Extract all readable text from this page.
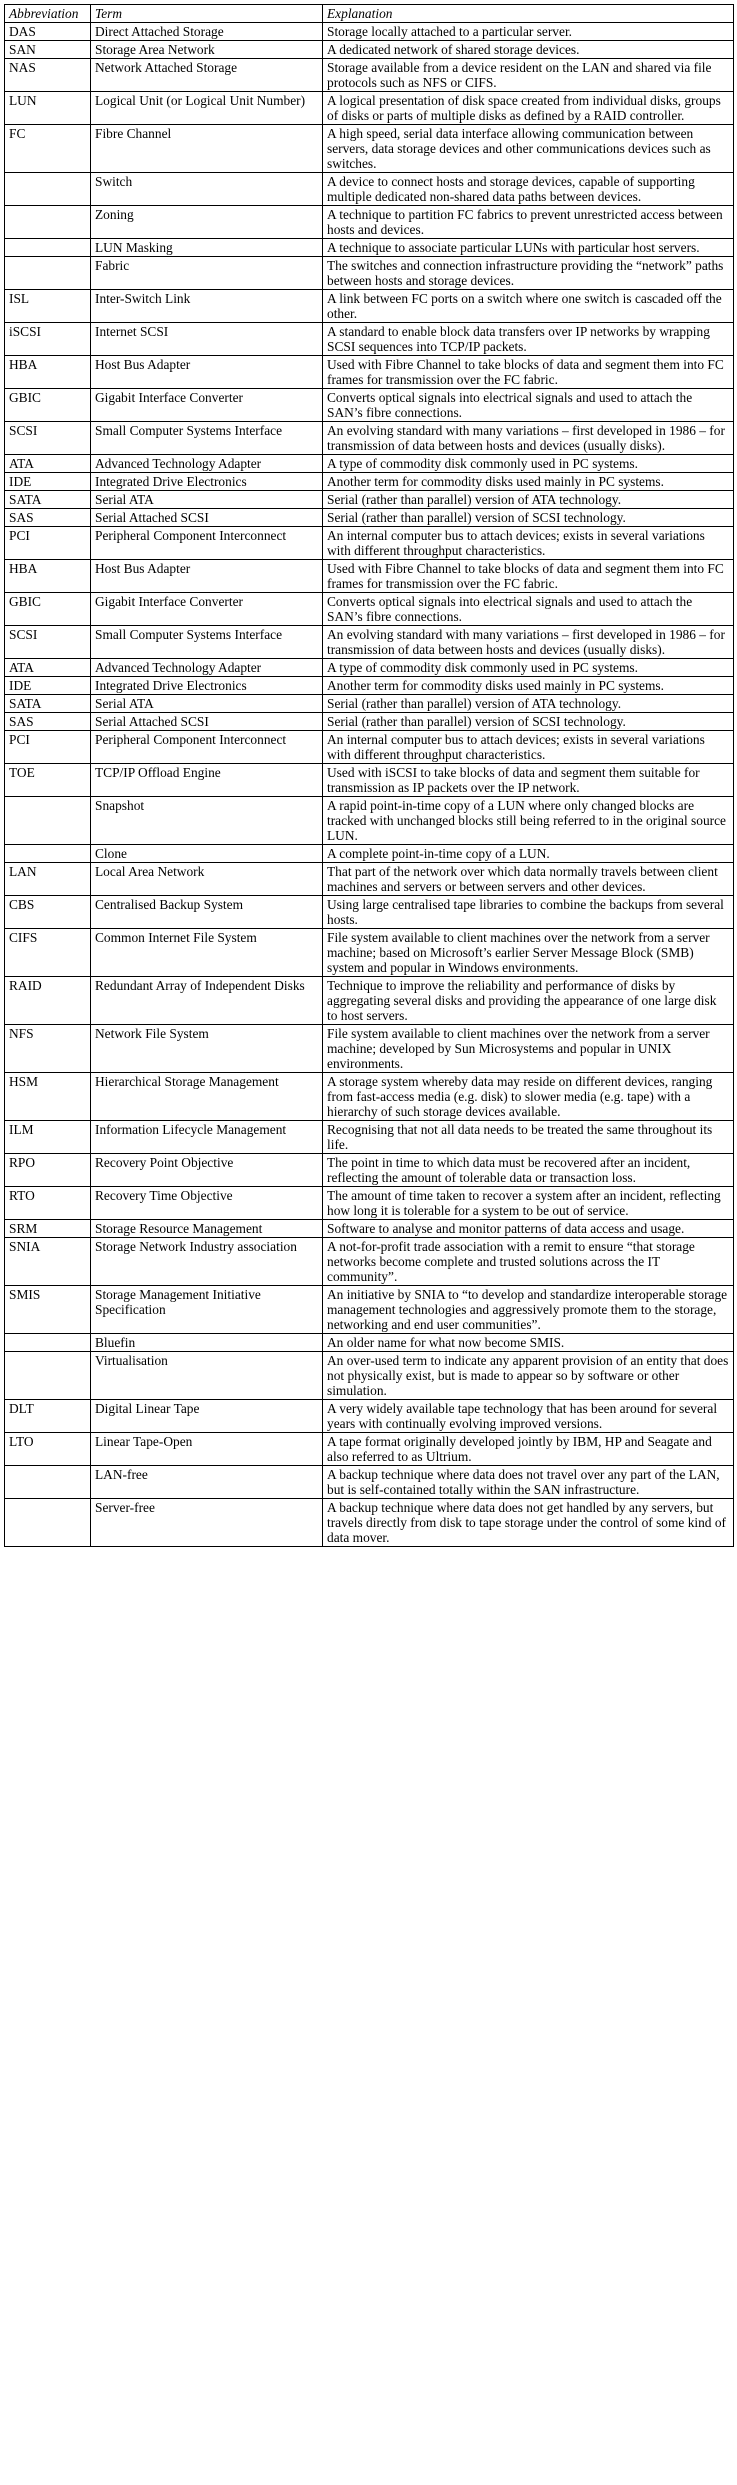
Abbreviation	Term	Explanation
DAS	Direct Attached Storage	Storage locally attached to a particular server.
SAN	Storage Area Network	A dedicated network of shared storage devices.
NAS	Network Attached Storage	Storage available from a device resident on the LAN and shared via file protocols such as NFS or CIFS.
LUN	Logical Unit (or Logical Unit Number)	A logical presentation of disk space created from individual disks, groups of disks or parts of multiple disks as defined by a RAID controller.
FC	Fibre Channel	A high speed, serial data interface allowing communication between servers, data storage devices and other communications devices such as switches.
	Switch	A device to connect hosts and storage devices, capable of supporting multiple dedicated non-shared data paths between devices.
	Zoning	A technique to partition FC fabrics to prevent unrestricted access between hosts and devices.
	LUN Masking	A technique to associate particular LUNs with particular host servers.
	Fabric	The switches and connection infrastructure providing the “network” paths between hosts and storage devices.
ISL	Inter-Switch Link	A link between FC ports on a switch where one switch is cascaded off the other.
iSCSI	Internet SCSI	A standard to enable block data transfers over IP networks by wrapping SCSI sequences into TCP/IP packets.
HBA	Host Bus Adapter	Used with Fibre Channel to take blocks of data and segment them into FC frames for transmission over the FC fabric.
GBIC	Gigabit Interface Converter	Converts optical signals into electrical signals and used to attach the SAN’s fibre connections.
SCSI	Small Computer Systems Interface	An evolving standard with many variations – first developed in 1986 – for transmission of data between hosts and devices (usually disks).
ATA	Advanced Technology Adapter	A type of commodity disk commonly used in PC systems.
IDE	Integrated Drive Electronics	Another term for commodity disks used mainly in PC systems.
SATA	Serial ATA	Serial (rather than parallel) version of ATA technology.
SAS	Serial Attached SCSI	Serial (rather than parallel) version of SCSI technology.
PCI	Peripheral Component Interconnect	An internal computer bus to attach devices; exists in several variations with different throughput characteristics.
HBA	Host Bus Adapter	Used with Fibre Channel to take blocks of data and segment them into FC frames for transmission over the FC fabric.
GBIC	Gigabit Interface Converter	Converts optical signals into electrical signals and used to attach the SAN’s fibre connections.
SCSI	Small Computer Systems Interface	An evolving standard with many variations – first developed in 1986 – for transmission of data between hosts and devices (usually disks).
ATA	Advanced Technology Adapter	A type of commodity disk commonly used in PC systems.
IDE	Integrated Drive Electronics	Another term for commodity disks used mainly in PC systems.
SATA	Serial ATA	Serial (rather than parallel) version of ATA technology.
SAS	Serial Attached SCSI	Serial (rather than parallel) version of SCSI technology.
PCI	Peripheral Component Interconnect	An internal computer bus to attach devices; exists in several variations with different throughput characteristics.
TOE	TCP/IP Offload Engine	Used with iSCSI to take blocks of data and segment them suitable for transmission as IP packets over the IP network.
	Snapshot	A rapid point-in-time copy of a LUN where only changed blocks are tracked with unchanged blocks still being referred to in the original source LUN.
	Clone	A complete point-in-time copy of a LUN.
LAN	Local Area Network	That part of the network over which data normally travels between client machines and servers or between servers and other devices.
CBS	Centralised Backup System	Using large centralised tape libraries to combine the backups from several hosts.
CIFS	Common Internet File System	File system available to client machines over the network from a server machine; based on Microsoft’s earlier Server Message Block (SMB) system and popular in Windows environments.
RAID	Redundant Array of Independent Disks	Technique to improve the reliability and performance of disks by aggregating several disks and providing the appearance of one large disk to host servers.
NFS	Network File System	File system available to client machines over the network from a server machine; developed by Sun Microsystems and popular in UNIX environments.
HSM	Hierarchical Storage Management	A storage system whereby data may reside on different devices, ranging from fast-access media (e.g. disk) to slower media (e.g. tape) with a hierarchy of such storage devices available.
ILM	Information Lifecycle Management	Recognising that not all data needs to be treated the same throughout its life.
RPO	Recovery Point Objective	The point in time to which data must be recovered after an incident, reflecting the amount of tolerable data or transaction loss.
RTO	Recovery Time Objective	The amount of time taken to recover a system after an incident, reflecting how long it is tolerable for a system to be out of service.
SRM	Storage Resource Management	Software to analyse and monitor patterns of data access and usage.
SNIA	Storage Network Industry association	A not-for-profit trade association with a remit to ensure “that storage networks become complete and trusted solutions across the IT community”.
SMIS	Storage Management Initiative Specification	An initiative by SNIA to “to develop and standardize interoperable storage management technologies and aggressively promote them to the storage, networking and end user communities”.
	Bluefin	An older name for what now become SMIS.
	Virtualisation	An over-used term to indicate any apparent provision of an entity that does not physically exist, but is made to appear so by software or other simulation.
DLT	Digital Linear Tape	A very widely available tape technology that has been around for several years with continually evolving improved versions.
LTO	Linear Tape-Open	A tape format originally developed jointly by IBM, HP and Seagate and also referred to as Ultrium.
	LAN-free	A backup technique where data does not travel over any part of the LAN, but is self-contained totally within the SAN infrastructure.
	Server-free	A backup technique where data does not get handled by any servers, but travels directly from disk to tape storage under the control of some kind of data mover.
